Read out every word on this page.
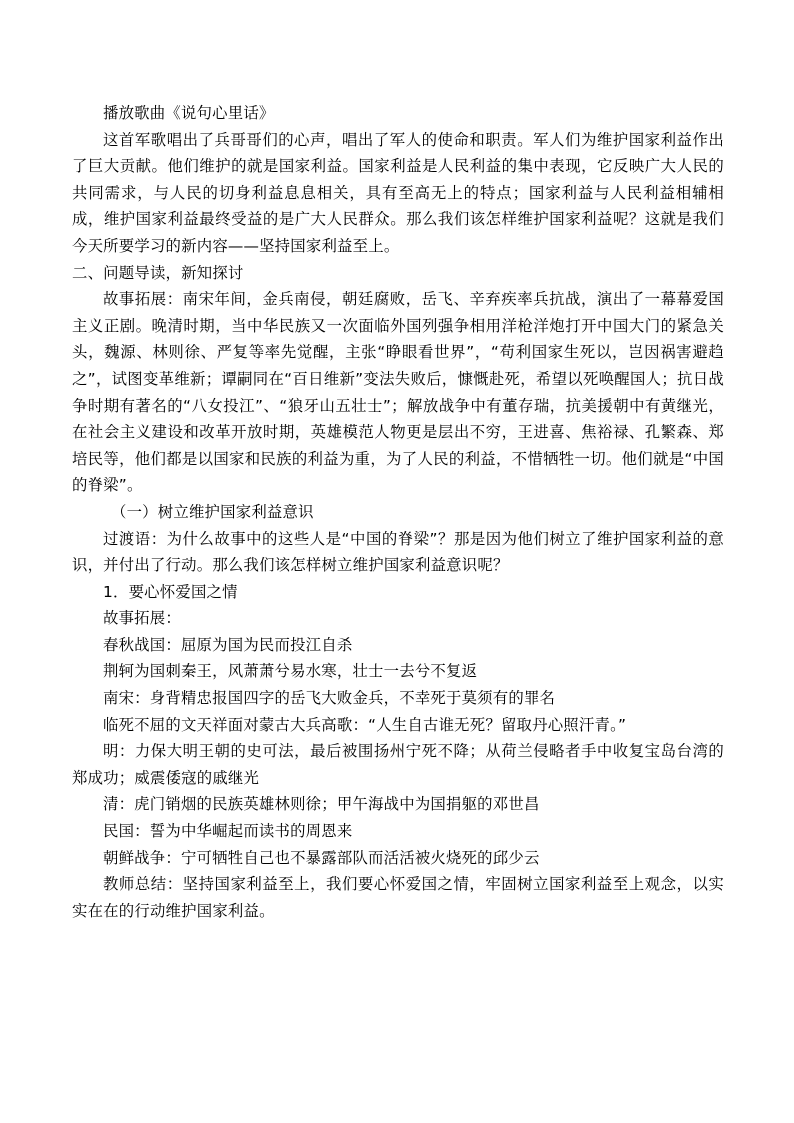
播放歌曲《说句心里话》

这首军歌唱出了兵哥哥们的心声，唱出了军人的使命和职责。军人们为维护国家利益作出了巨大贡献。他们维护的就是国家利益。国家利益是人民利益的集中表现，它反映广大人民的共同需求，与人民的切身利益息息相关，具有至高无上的特点；国家利益与人民利益相辅相成，维护国家利益最终受益的是广大人民群众。那么我们该怎样维护国家利益呢？这就是我们今天所要学习的新内容——坚持国家利益至上。

二、问题导读，新知探讨

故事拓展：南宋年间，金兵南侵，朝廷腐败，岳飞、辛弃疾率兵抗战，演出了一幕幕爱国主义正剧。晚清时期，当中华民族又一次面临外国列强争相用洋枪洋炮打开中国大门的紧急关头，魏源、林则徐、严复等率先觉醒，主张“睁眼看世界”，“苟利国家生死以，岂因祸害避趋之”，试图变革维新；谭嗣同在“百日维新”变法失败后，慷慨赴死，希望以死唤醒国人；抗日战争时期有著名的“八女投江”、“狼牙山五壮士”；解放战争中有董存瑞，抗美援朝中有黄继光，在社会主义建设和改革开放时期，英雄模范人物更是层出不穷，王进喜、焦裕禄、孔繁森、郑培民等，他们都是以国家和民族的利益为重，为了人民的利益，不惜牺牲一切。他们就是“中国的脊梁”。

（一）树立维护国家利益意识

过渡语：为什么故事中的这些人是“中国的脊梁”？那是因为他们树立了维护国家利益的意识，并付出了行动。那么我们该怎样树立维护国家利益意识呢？

1．要心怀爱国之情

故事拓展：

春秋战国：屈原为国为民而投江自杀

荆轲为国刺秦王，风萧萧兮易水寒，壮士一去兮不复返

南宋：身背精忠报国四字的岳飞大败金兵，不幸死于莫须有的罪名

临死不屈的文天祥面对蒙古大兵高歌：“人生自古谁无死？留取丹心照汗青。”

明：力保大明王朝的史可法，最后被围扬州宁死不降；从荷兰侵略者手中收复宝岛台湾的郑成功；威震倭寇的戚继光

清：虎门销烟的民族英雄林则徐；甲午海战中为国捐躯的邓世昌

民国：誓为中华崛起而读书的周恩来

朝鲜战争：宁可牺牲自己也不暴露部队而活活被火烧死的邱少云

教师总结：坚持国家利益至上，我们要心怀爱国之情，牢固树立国家利益至上观念，以实实在在的行动维护国家利益。
